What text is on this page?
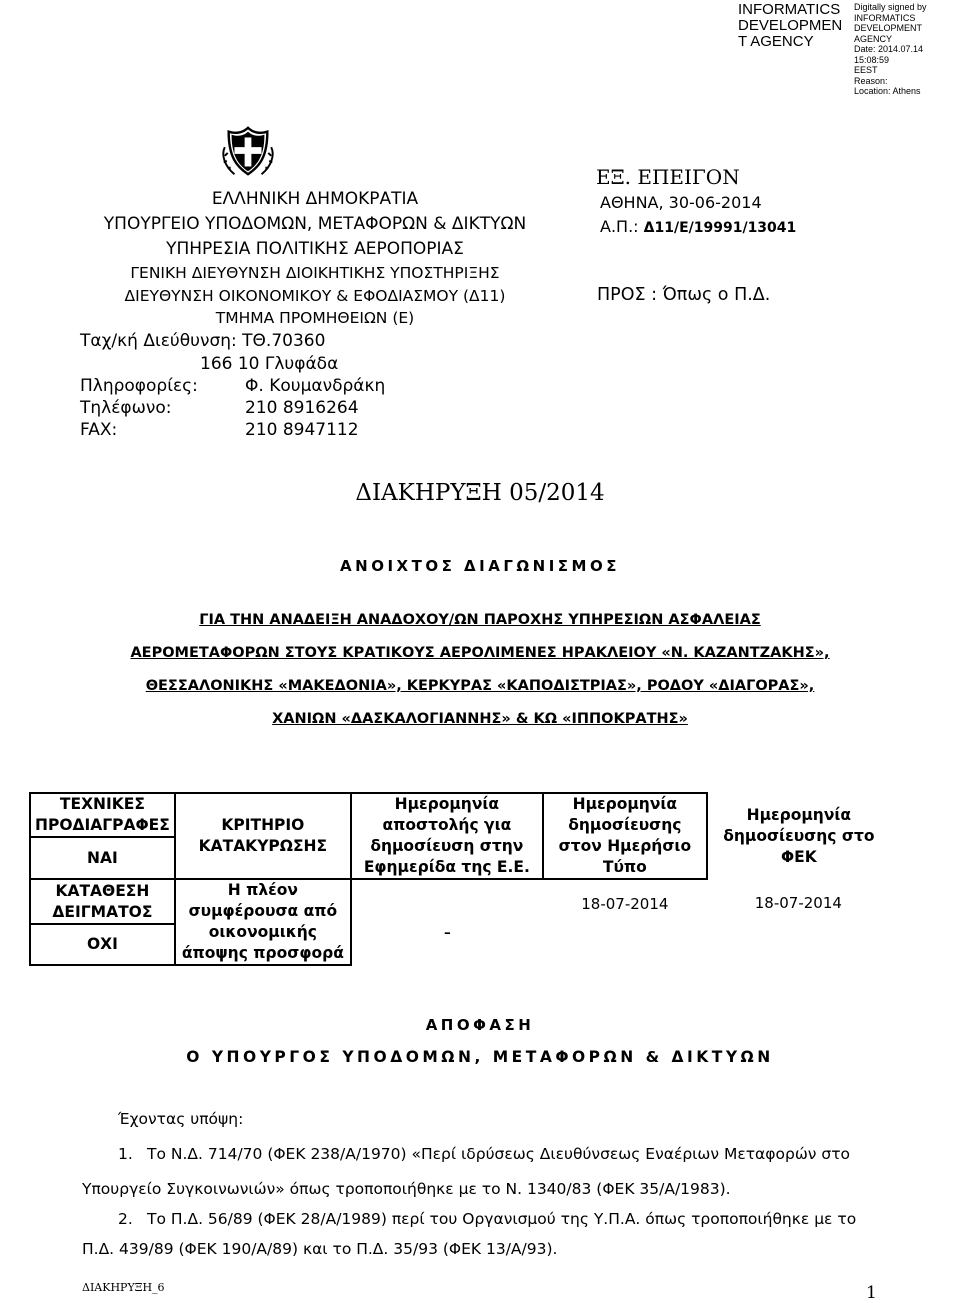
INFORMATICS
DEVELOPMEN
T AGENCY
Digitally signed by
INFORMATICS
DEVELOPMENT AGENCY
Date: 2014.07.14 15:08:59
EEST
Reason:
Location: Athens
ΕΛΛΗΝΙΚΗ ΔΗΜΟΚΡΑΤΙΑ
ΥΠΟΥΡΓΕΙΟ ΥΠΟΔΟΜΩΝ, ΜΕΤΑΦΟΡΩΝ & ΔΙΚΤΥΩΝ
ΥΠΗΡΕΣΙΑ ΠΟΛΙΤΙΚΗΣ ΑΕΡΟΠΟΡΙΑΣ
ΓΕΝΙΚΗ ΔΙΕΥΘΥΝΣΗ ΔΙΟΙΚΗΤΙΚΗΣ ΥΠΟΣΤΗΡΙΞΗΣ
ΔΙΕΥΘΥΝΣΗ ΟΙΚΟΝΟΜΙΚΟΥ & ΕΦΟΔΙΑΣΜΟΥ (Δ11)
ΤΜΗΜΑ ΠΡΟΜΗΘΕΙΩΝ (Ε)
Ταχ/κή Διεύθυνση: ΤΘ.70360
166 10 Γλυφάδα
Πληροφορίες:	Φ. Κουμανδράκη
Τηλέφωνο:	210 8916264
FAX:	210 8947112
ΕΞ. ΕΠΕΙΓΟΝ
ΑΘΗΝΑ, 30-06-2014
Α.Π.: Δ11/Ε/19991/13041
ΠΡΟΣ : Όπως ο Π.Δ.
ΔΙΑΚΗΡΥΞΗ 05/2014
ΑΝΟΙΧΤΟΣ ΔΙΑΓΩΝΙΣΜΟΣ
ΓΙΑ ΤΗΝ ΑΝΑΔΕΙΞΗ ΑΝΑΔΟΧΟΥ/ΩΝ ΠΑΡΟΧΗΣ ΥΠΗΡΕΣΙΩΝ ΑΣΦΑΛΕΙΑΣ
ΑΕΡΟΜΕΤΑΦΟΡΩΝ ΣΤΟΥΣ ΚΡΑΤΙΚΟΥΣ ΑΕΡΟΛΙΜΕΝΕΣ ΗΡΑΚΛΕΙΟΥ «Ν. ΚΑΖΑΝΤΖΑΚΗΣ»,
ΘΕΣΣΑΛΟΝΙΚΗΣ «ΜΑΚΕΔΟΝΙΑ», ΚΕΡΚΥΡΑΣ «ΚΑΠΟΔΙΣΤΡΙΑΣ», ΡΟΔΟΥ «ΔΙΑΓΟΡΑΣ»,
ΧΑΝΙΩΝ «ΔΑΣΚΑΛΟΓΙΑΝΝΗΣ» & ΚΩ «ΙΠΠΟΚΡΑΤΗΣ»
ΤΕΧΝΙΚΕΣ ΠΡΟΔΙΑΓΡΑΦΕΣ	ΚΡΙΤΗΡΙΟ ΚΑΤΑΚΥΡΩΣΗΣ	Ημερομηνία αποστολής για δημοσίευση στην Εφημερίδα της Ε.Ε.	Ημερομηνία δημοσίευσης στον Ημερήσιο Τύπο	Ημερομηνία δημοσίευσης στο ΦΕΚ
ΝΑΙ				
ΚΑΤΑΘΕΣΗ ΔΕΙΓΜΑΤΟΣ	Η πλέον συμφέρουσα από οικονομικής άποψης προσφορά	-	18-07-2014	18-07-2014
ΟΧΙ				
ΑΠΟΦΑΣΗ
Ο ΥΠΟΥΡΓΟΣ ΥΠΟΔΟΜΩΝ, ΜΕΤΑΦΟΡΩΝ & ΔΙΚΤΥΩΝ
Έχοντας υπόψη:
1. Το Ν.Δ. 714/70 (ΦΕΚ 238/Α/1970) «Περί ιδρύσεως Διευθύνσεως Εναέριων Μεταφορών στο
Υπουργείο Συγκοινωνιών» όπως τροποποιήθηκε με το Ν. 1340/83 (ΦΕΚ 35/Α/1983).
2. Το Π.Δ. 56/89 (ΦΕΚ 28/Α/1989) περί του Οργανισμού της Υ.Π.Α. όπως τροποποιήθηκε με το
Π.Δ. 439/89 (ΦΕΚ 190/Α/89) και το Π.Δ. 35/93 (ΦΕΚ 13/Α/93).
ΔΙΑΚΗΡΥΞΗ_6	1
